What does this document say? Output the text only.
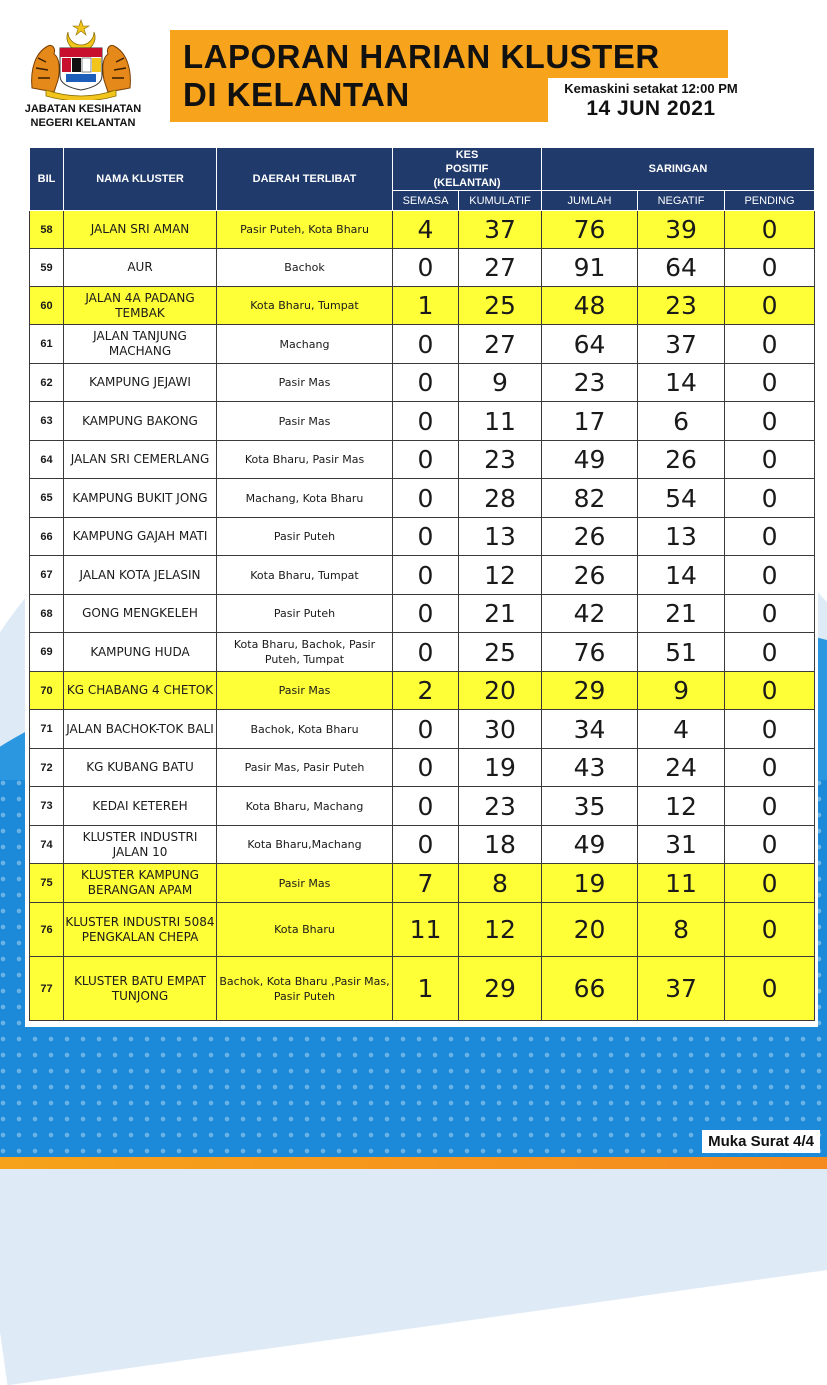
JABATAN KESIHATAN
NEGERI KELANTAN
LAPORAN HARIAN KLUSTER
DI KELANTAN	Kemaskini setakat 12:00 PM
14 JUN 2021
BIL	NAMA KLUSTER	DAERAH TERLIBAT	KES POSITIF (KELANTAN)		SARINGAN		
			SEMASA	KUMULATIF	JUMLAH	NEGATIF	PENDING
58	JALAN SRI AMAN	Pasir Puteh, Kota Bharu	4	37	76	39	0
59	AUR	Bachok	0	27	91	64	0
60	JALAN 4A PADANG TEMBAK	Kota Bharu, Tumpat	1	25	48	23	0
61	JALAN TANJUNG MACHANG	Machang	0	27	64	37	0
62	KAMPUNG JEJAWI	Pasir Mas	0	9	23	14	0
63	KAMPUNG BAKONG	Pasir Mas	0	11	17	6	0
64	JALAN SRI CEMERLANG	Kota Bharu, Pasir Mas	0	23	49	26	0
65	KAMPUNG BUKIT JONG	Machang, Kota Bharu	0	28	82	54	0
66	KAMPUNG GAJAH MATI	Pasir Puteh	0	13	26	13	0
67	JALAN KOTA JELASIN	Kota Bharu, Tumpat	0	12	26	14	0
68	GONG MENGKELEH	Pasir Puteh	0	21	42	21	0
69	KAMPUNG HUDA	Kota Bharu, Bachok, Pasir Puteh, Tumpat	0	25	76	51	0
70	KG CHABANG 4 CHETOK	Pasir Mas	2	20	29	9	0
71	JALAN BACHOK-TOK BALI	Bachok, Kota Bharu	0	30	34	4	0
72	KG KUBANG BATU	Pasir Mas, Pasir Puteh	0	19	43	24	0
73	KEDAI KETEREH	Kota Bharu, Machang	0	23	35	12	0
74	KLUSTER INDUSTRI JALAN 10	Kota Bharu,Machang	0	18	49	31	0
75	KLUSTER KAMPUNG BERANGAN APAM	Pasir Mas	7	8	19	11	0
76	KLUSTER INDUSTRI 5084 PENGKALAN CHEPA	Kota Bharu	11	12	20	8	0
77	KLUSTER BATU EMPAT TUNJONG	Bachok, Kota Bharu ,Pasir Mas, Pasir Puteh	1	29	66	37	0
Muka Surat 4/4
